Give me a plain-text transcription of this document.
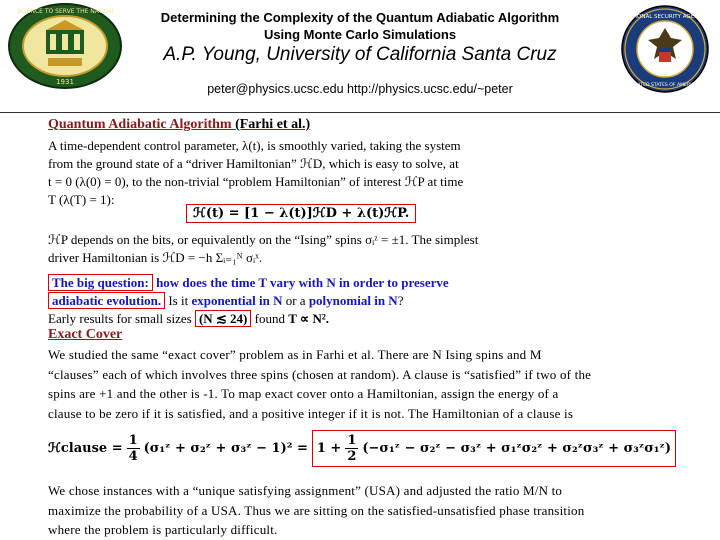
Determining the Complexity of the Quantum Adiabatic Algorithm
Using Monte Carlo Simulations
A.P. Young, University of California Santa Cruz
peter@physics.ucsc.edu http://physics.ucsc.edu/~peter
SCIENCE TO SERVE THE NATION
1931
NATIONAL SECURITY AGENCY
UNITED STATES OF AMERICA
Quantum Adiabatic Algorithm (Farhi et al.)
A time-dependent control parameter, λ(t), is smoothly varied, taking the system
from the ground state of a “driver Hamiltonian” ℋD, which is easy to solve, at
t = 0 (λ(0) = 0), to the non-trivial “problem Hamiltonian” of interest ℋP at time
T (λ(T) = 1):
ℋ(t) = [1 − λ(t)]ℋD + λ(t)ℋP.
ℋP depends on the bits, or equivalently on the “Ising” spins σᵢᶻ = ±1. The simplest
driver Hamiltonian is ℋD = −h Σᵢ₌₁ᴺ σᵢˣ.
The big question: how does the time T vary with N in order to preserve
adiabatic evolution. Is it exponential in N or a polynomial in N?
Early results for small sizes (N ≲ 24) found T ∝ N².
Exact Cover
We studied the same “exact cover” problem as in Farhi et al. There are N Ising spins and M
“clauses” each of which involves three spins (chosen at random). A clause is “satisfied” if two of the
spins are +1 and the other is -1. To map exact cover onto a Hamiltonian, assign the energy of a
clause to be zero if it is satisfied, and a positive integer if it is not. The Hamiltonian of a clause is
ℋclause = $\frac{1}{4}$ (σ₁ᶻ + σ₂ᶻ + σ₃ᶻ − $1)^2 = 1 + \frac{1}{2}$ (−σ₁ᶻ − σ₂ᶻ − σ₃ᶻ + σ₁ᶻσ₂ᶻ + σ₂ᶻσ₃ᶻ + σ₃ᶻσ₁ᶻ)
We chose instances with a “unique satisfying assignment” (USA) and adjusted the ratio M/N to
maximize the probability of a USA. Thus we are sitting on the satisfied-unsatisfied phase transition
where the problem is particularly difficult.
